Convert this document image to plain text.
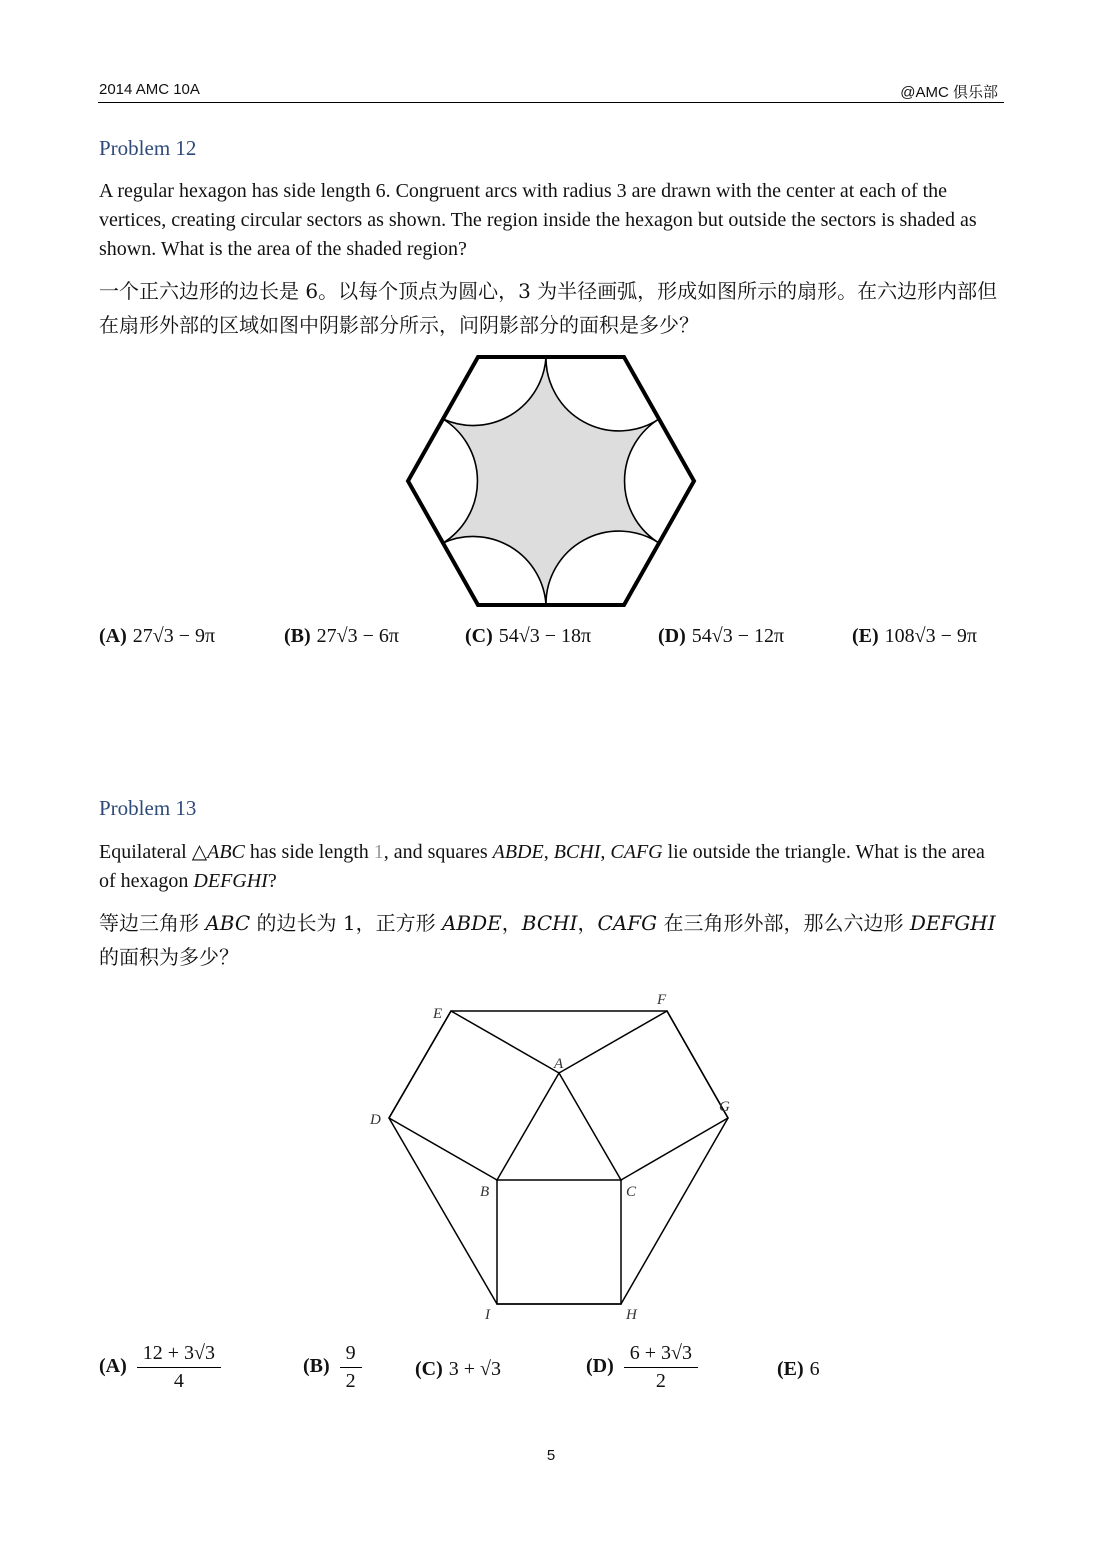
2014 AMC 10A	@AMC 俱乐部
Problem 12
A regular hexagon has side length 6. Congruent arcs with radius 3 are drawn with the center at each of the vertices, creating circular sectors as shown. The region inside the hexagon but outside the sectors is shaded as shown. What is the area of the shaded region?
一个正六边形的边长是 6。以每个顶点为圆心，3 为半径画弧，形成如图所示的扇形。在六边形内部但在扇形外部的区域如图中阴影部分所示，问阴影部分的面积是多少？
(A) 27√3 − 9π	(B) 27√3 − 6π	(C) 54√3 − 18π	(D) 54√3 − 12π	(E) 108√3 − 9π
Problem 13
Equilateral △ABC has side length 1, and squares ABDE, BCHI, CAFG lie outside the triangle. What is the area of hexagon DEFGHI?
等边三角形 ABC 的边长为 1，正方形 ABDE，BCHI，CAFG 在三角形外部，那么六边形 DEFGHI 的面积为多少？
A
B	C
D
E
F
G
H
I
$(A) \frac{12 + 3√3}{4}$	$(B) \frac{9}{2}$	(C) 3 + √3	$(D) \frac{6 + 3√3}{2}$	(E) 6
5
